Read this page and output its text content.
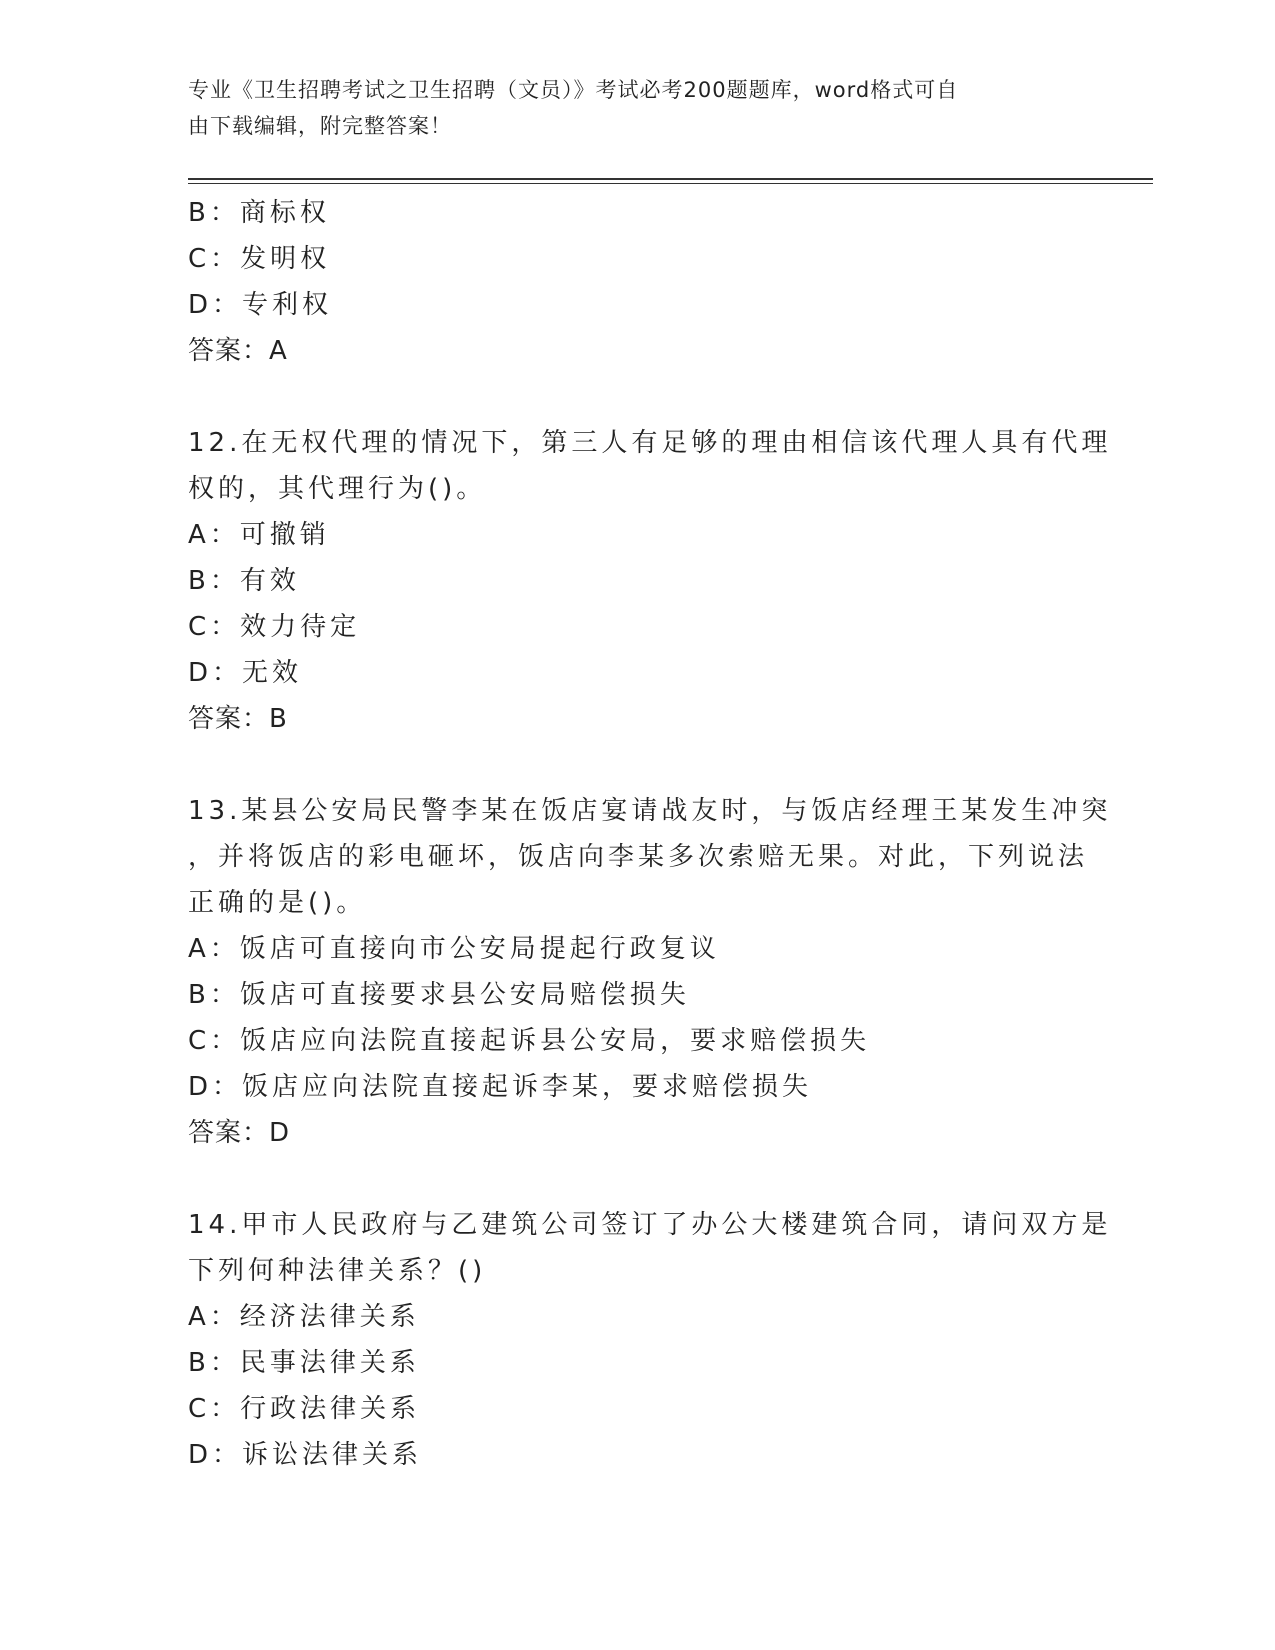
专业《卫生招聘考试之卫生招聘（文员）》考试必考200题题库，word格式可自
由下载编辑，附完整答案！
B：商标权
C：发明权
D：专利权
答案：A
12.在无权代理的情况下，第三人有足够的理由相信该代理人具有代理
权的，其代理行为()。
A：可撤销
B：有效
C：效力待定
D：无效
答案：B
13.某县公安局民警李某在饭店宴请战友时，与饭店经理王某发生冲突
，并将饭店的彩电砸坏，饭店向李某多次索赔无果。对此，下列说法
正确的是()。
A：饭店可直接向市公安局提起行政复议
B：饭店可直接要求县公安局赔偿损失
C：饭店应向法院直接起诉县公安局，要求赔偿损失
D：饭店应向法院直接起诉李某，要求赔偿损失
答案：D
14.甲市人民政府与乙建筑公司签订了办公大楼建筑合同，请问双方是
下列何种法律关系？()
A：经济法律关系
B：民事法律关系
C：行政法律关系
D：诉讼法律关系
